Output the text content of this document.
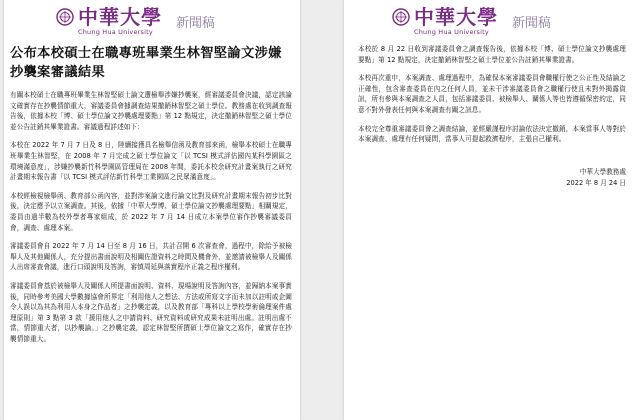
中華大學
Chung Hua University
新聞稿
公布本校碩士在職專班畢業生林智堅論文涉嫌抄襲案審議結果

有關本校碩士在職專班畢業生林智堅碩士論文遭檢舉涉嫌抄襲案，經審議委員會決議，認定該論文確實存在抄襲情節重大，審議委員會據調查結果撤銷林智堅之碩士學位。教務處在收到調查報告後，依據本校「博、碩士學位論文抄襲處理要點」第 12 點規定，決定撤銷林智堅之碩士學位並公告註銷其畢業證書。審議過程詳述如下：

本校在 2022 年 7 月 7 日及 8 日，陸續接獲具名檢舉信函及教育部來函，檢舉本校碩士在職專班畢業生林智堅，在 2008 年 7 月完成之碩士學位論文「以 TCSI 模式評估國內某科學園區之環境滿意度」，涉嫌抄襲新竹科學園區管理局在 2008 年間，委託本校余研究計畫案執行之研究計畫期末報告書「以 TCSI 模式評估新竹科學工業園區之民眾滿意度」。

本校經檢視檢舉函、教育部公函內容，並對涉案論文進行論文比對及研究計畫期末報告初步比對後，決定應予以立案調查。其後，依據「中華大學博、碩士學位論文抄襲處理要點」相關規定，委員由過半數為校外學者專家組成，於 2022 年 7 月 14 日成立本案學位審作抄襲審議委員會，調查、處理本案。

審議委員會自 2022 年 7 月 14 日至 8 月 16 日，共計召開 6 次審查會，過程中，除給予被檢舉人及其他關係人，充分提出書面說明及相關佐證資料之時間及機會外，並邀請被檢舉人及關係人出席審查會議，進行口頭說明及答詢，審慎周延與落實程序正義之程序權利。

審議委員會基於被檢舉人及關係人所提書面說明、資料、現場說明及答詢內容，並歸納本案事實後，同時參考美國大學數據協會所界定「利用他人之想法、方法或所寫文字而未加以註明或企圖令人誤以為其為利用人本身之作品者」之抄襲定義，以及教育部「專科以上學校學術倫理案件處理原則」第 3 點第 3 款「援用他人之申請資料、研究資料或研究成果未註明出處。註明出處不當，情節重大者，以抄襲論。」之抄襲定義，認定林智堅所撰碩士學位論文之寫作，確實存在抄襲情節重大。

中華大學
Chung Hua University
新聞稿

本校於 8 月 22 日收到審議委員會之調查報告後，依據本校「博、碩士學位論文抄襲處理要點」第 12 點規定，決定撤銷林智堅之碩士學位並公告註銷其畢業證書。

本校再次重申，本案調查、處理過程中，為確保本案審議委員會職權行使之公正性及結論之正確性，包含審查委員在內之任何人員，並未干涉審議委員會之職權行使且未對外揭露資訊，所有參與本案調查之人員，包括審議委員、被檢舉人、關係人等也皆遵循保密約定，同意不對外發表任何與本案調查有關之訊息。

本校完全尊重審議委員會之調查結論，並經嚴謹程序討論依法決定撤銷，本案當事人等對於本案調查、處理有任何疑問，當事人可提起救濟程序，主張自己權利。

中華大學教務處
2022 年 8 月 24 日
